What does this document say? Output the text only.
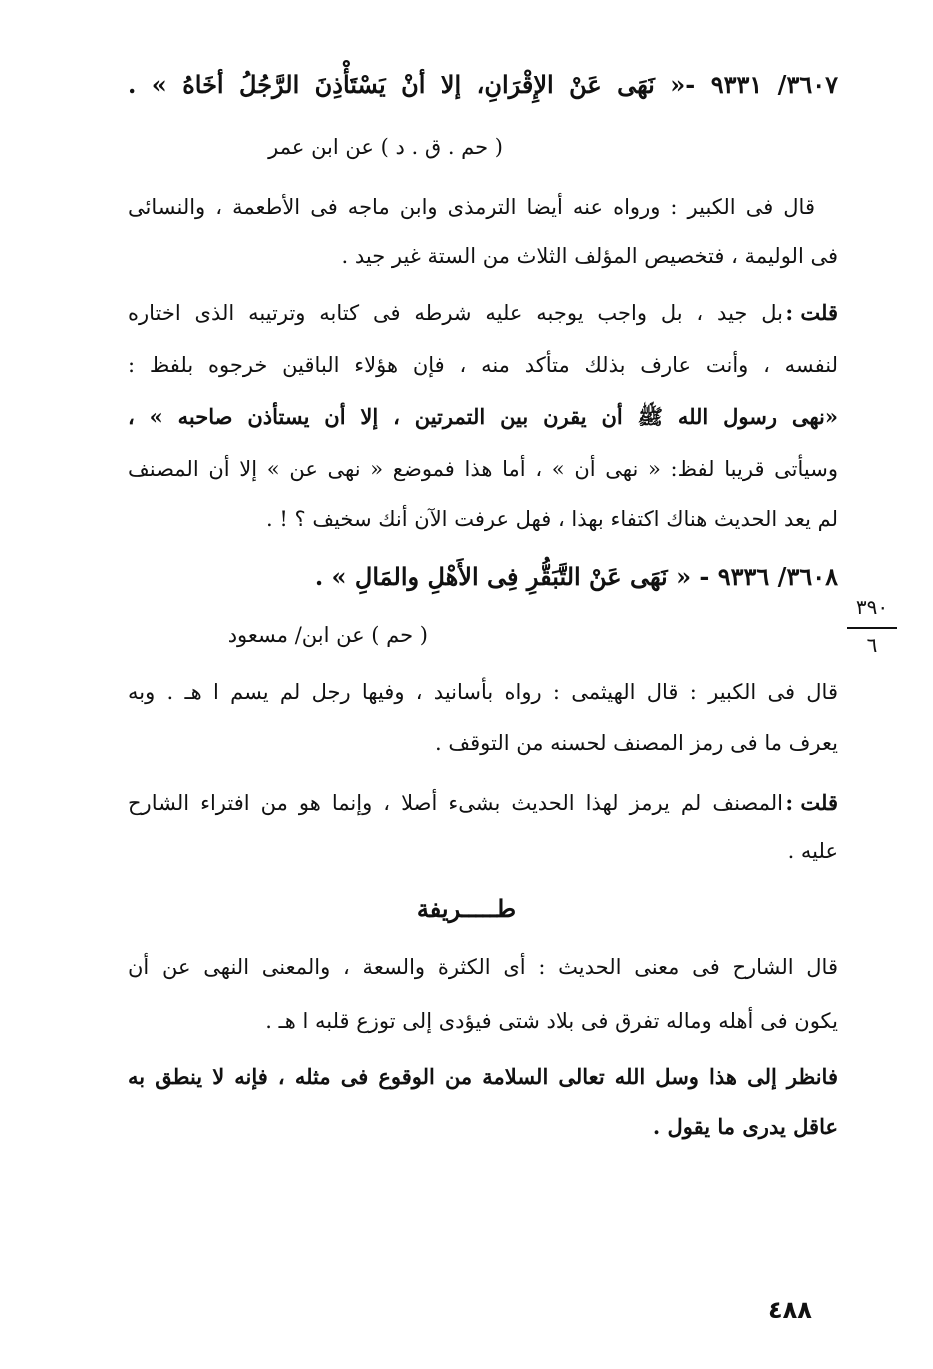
٣٦٠٧/ ٩٣٣١ -« نَهَى عَنْ الإِقْرَانِ، إلا أنْ يَسْتَأْذِنَ الرَّجُلُ أخَاهُ » .
( حم . ق . د ) عن ابن عمر
قال فى الكبير : ورواه عنه أيضا الترمذى وابن ماجه فى الأطعمة ، والنسائى
فى الوليمة ، فتخصيص المؤلف الثلاث من الستة غير جيد .
قلت :
بل جيد ، بل واجب يوجبه عليه شرطه فى كتابه وترتيبه الذى اختاره
لنفسه ، وأنت عارف بذلك متأكد منه ، فإن هؤلاء الباقين خرجوه بلفظ :
«نهى رسول الله ﷺ أن يقرن بين التمرتين ، إلا أن يستأذن صاحبه » ،
وسيأتى قريبا لفظ: « نهى أن » ، أما هذا فموضع « نهى عن » إلا أن المصنف
لم يعد الحديث هناك اكتفاء بهذا ، فهل عرفت الآن أنك سخيف ؟ ! .
٣٦٠٨/ ٩٣٣٦ - « نَهَى عَنْ التَّبَقُّرِ فِى الأَهْلِ والمَالِ » .
( حم ) عن ابن/ مسعود
٣٩٠
٦
قال فى الكبير : قال الهيثمى : رواه بأسانيد ، وفيها رجل لم يسم ا هـ . وبه
يعرف ما فى رمز المصنف لحسنه من التوقف .
قلت :
المصنف لم يرمز لهذا الحديث بشىء أصلا ، وإنما هو من افتراء الشارح
عليه .
طـــــريفة
قال الشارح فى معنى الحديث : أى الكثرة والسعة ، والمعنى النهى عن أن
يكون فى أهله وماله تفرق فى بلاد شتى فيؤدى إلى توزع قلبه ا هـ .
فانظر إلى هذا وسل الله تعالى السلامة من الوقوع فى مثله ، فإنه لا ينطق به
عاقل يدرى ما يقول .
٤٨٨
